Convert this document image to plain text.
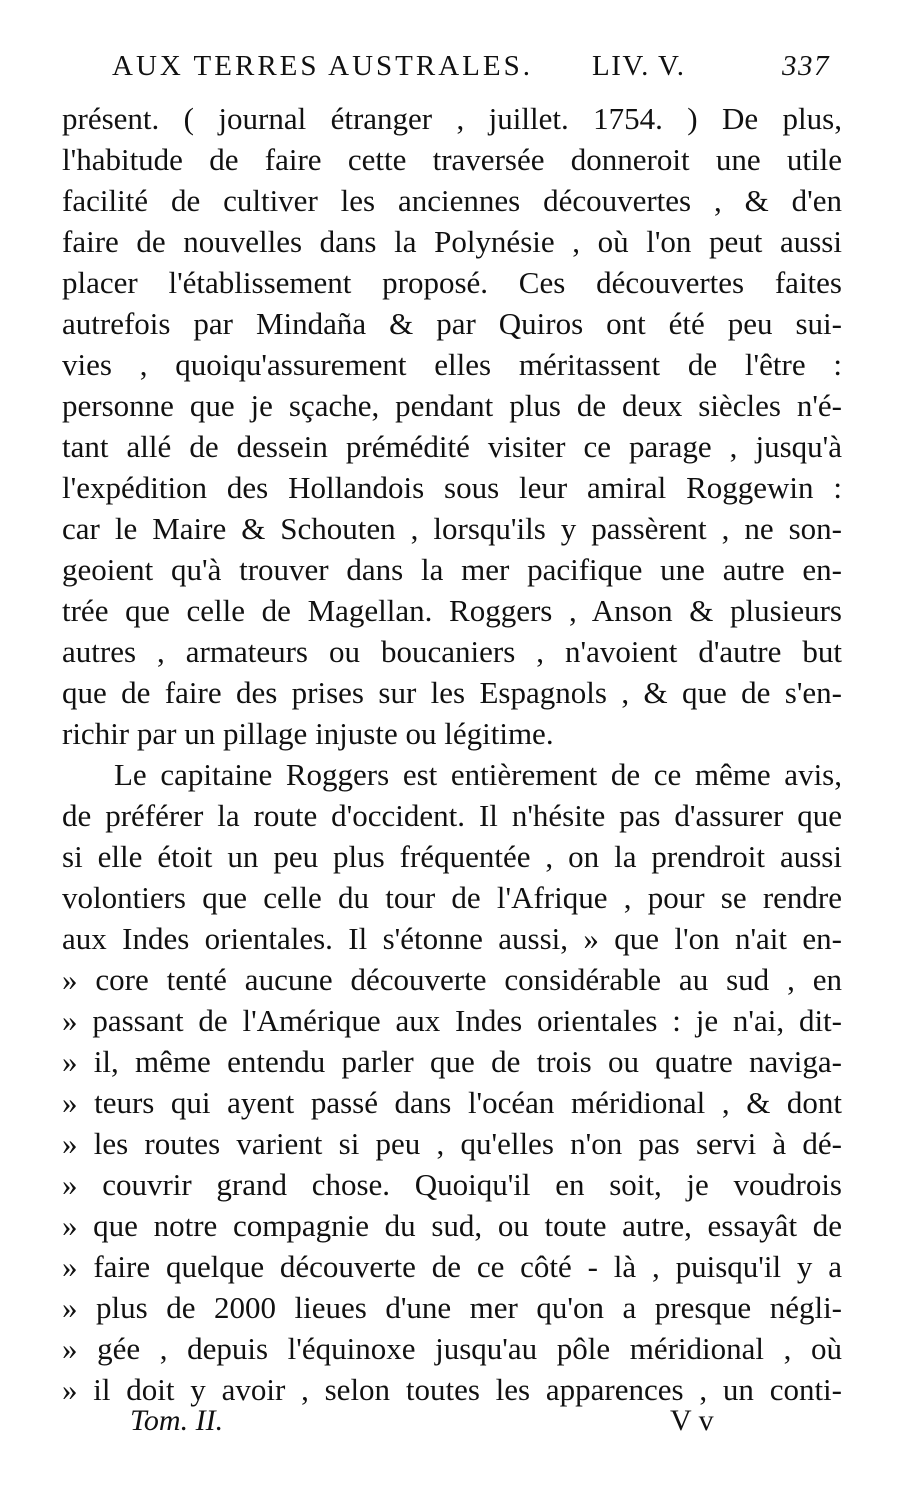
AUX TERRES AUSTRALES. LIV. V.	337
présent. ( journal étranger , juillet. 1754. ) De plus,
l'habitude de faire cette traversée donneroit une utile
facilité de cultiver les anciennes découvertes , & d'en
faire de nouvelles dans la Polynésie , où l'on peut aussi
placer l'établissement proposé. Ces découvertes faites
autrefois par Mindaña & par Quiros ont été peu sui-
vies , quoiqu'assurement elles méritassent de l'être :
personne que je sçache, pendant plus de deux siècles n'é-
tant allé de dessein prémédité visiter ce parage , jusqu'à
l'expédition des Hollandois sous leur amiral Roggewin :
car le Maire & Schouten , lorsqu'ils y passèrent , ne son-
geoient qu'à trouver dans la mer pacifique une autre en-
trée que celle de Magellan. Roggers , Anson & plusieurs
autres , armateurs ou boucaniers , n'avoient d'autre but
que de faire des prises sur les Espagnols , & que de s'en-
richir par un pillage injuste ou légitime.
Le capitaine Roggers est entièrement de ce même avis,
de préférer la route d'occident. Il n'hésite pas d'assurer que
si elle étoit un peu plus fréquentée , on la prendroit aussi
volontiers que celle du tour de l'Afrique , pour se rendre
aux Indes orientales. Il s'étonne aussi, » que l'on n'ait en-
» core tenté aucune découverte considérable au sud , en
» passant de l'Amérique aux Indes orientales : je n'ai, dit-
» il, même entendu parler que de trois ou quatre naviga-
» teurs qui ayent passé dans l'océan méridional , & dont
» les routes varient si peu , qu'elles n'on pas servi à dé-
» couvrir grand chose. Quoiqu'il en soit, je voudrois
» que notre compagnie du sud, ou toute autre, essayât de
» faire quelque découverte de ce côté - là , puisqu'il y a
» plus de 2000 lieues d'une mer qu'on a presque négli-
» gée , depuis l'équinoxe jusqu'au pôle méridional , où
» il doit y avoir , selon toutes les apparences , un conti-
Tom. II.	V v
